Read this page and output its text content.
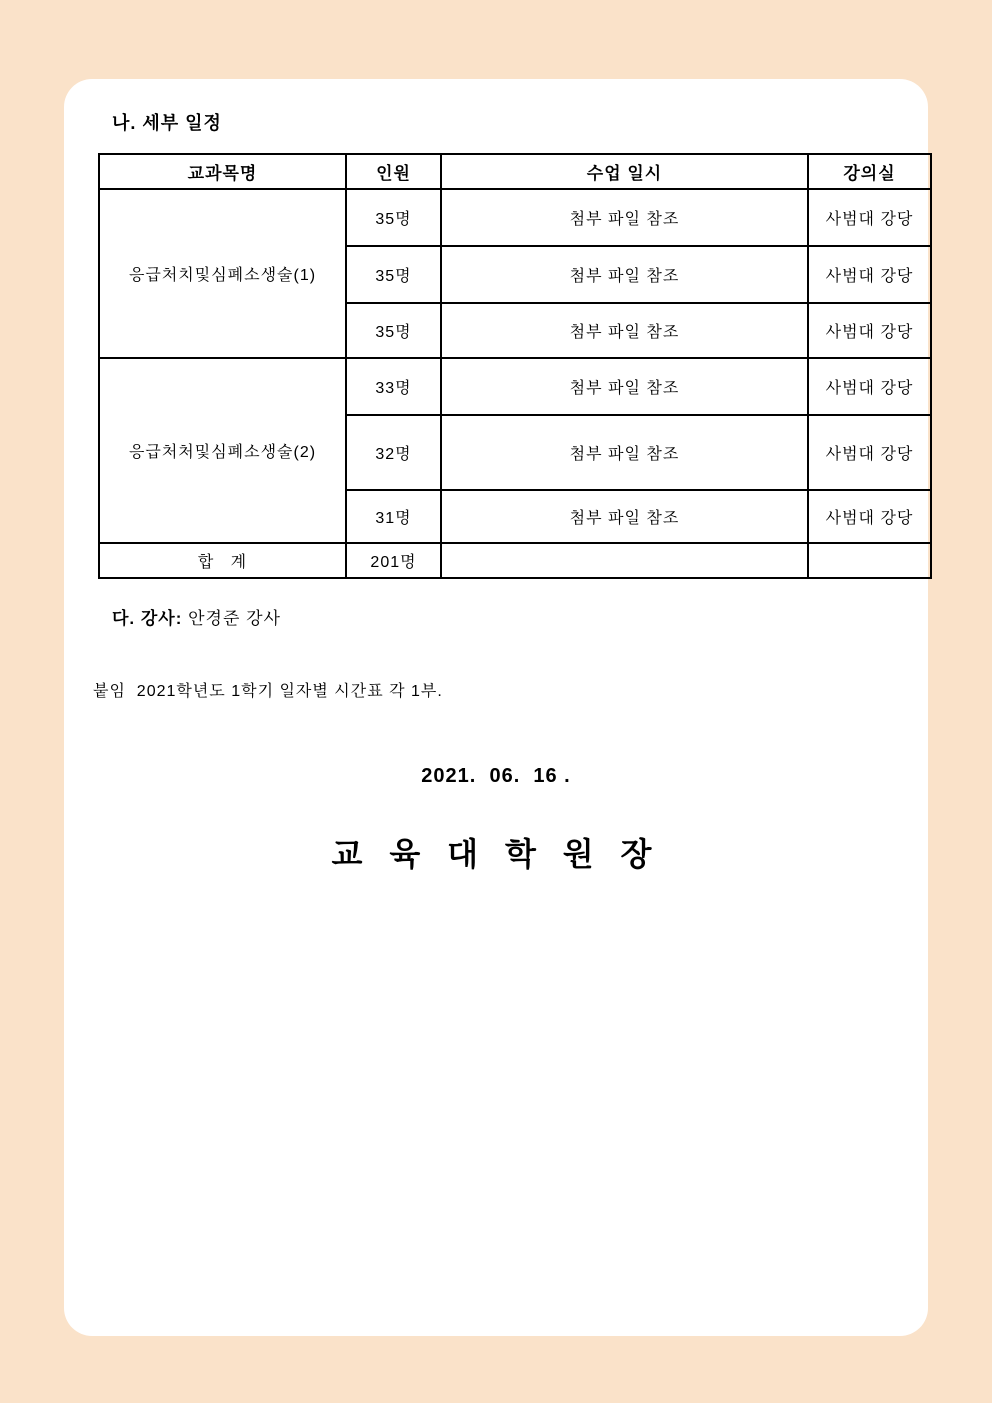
나. 세부 일정
교과목명	인원	수업 일시	강의실
응급처치및심폐소생술(1)	35명	첨부 파일 참조	사범대 강당
	35명	첨부 파일 참조	사범대 강당
	35명	첨부 파일 참조	사범대 강당
응급처처및심폐소생술(2)	33명	첨부 파일 참조	사범대 강당
	32명	첨부 파일 참조	사범대 강당
	31명	첨부 파일 참조	사범대 강당
합   계	201명		
다. 강사: 안경준 강사
붙임  2021학년도 1학기 일자별 시간표 각 1부.
2021.  06.  16 .
교 육 대 학 원 장
